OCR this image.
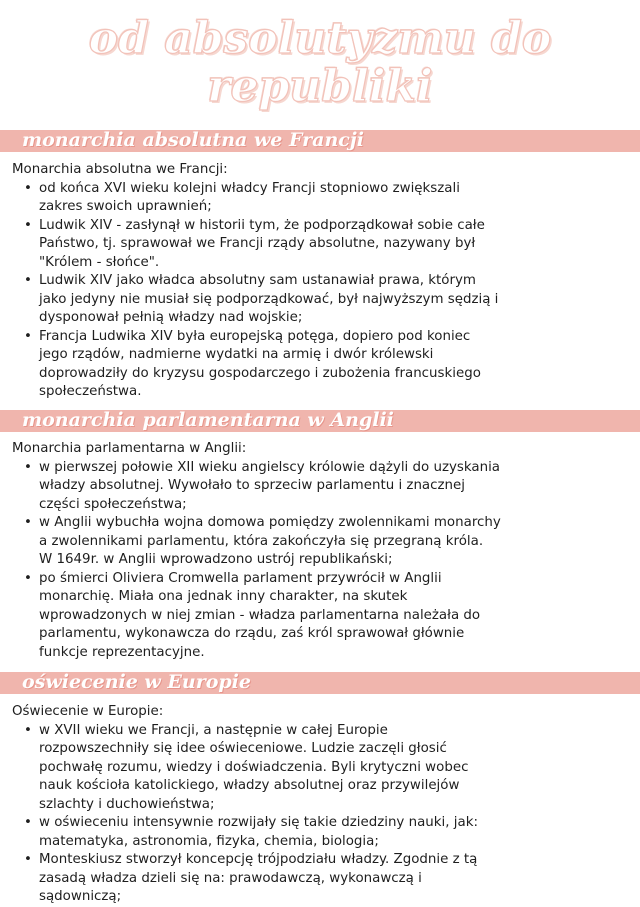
od absolutyzmu do
republiki
monarchia absolutna we Francji

Monarchia absolutna we Francji:

• od końca XVI wieku kolejni władcy Francji stopniowo zwiększali
zakres swoich uprawnień;
• Ludwik XIV - zasłynął w historii tym, że podporządkował sobie całe
Państwo, tj. sprawował we Francji rządy absolutne, nazywany był
"Królem - słońce".
• Ludwik XIV jako władca absolutny sam ustanawiał prawa, którym
jako jedyny nie musiał się podporządkować, był najwyższym sędzią i
dysponował pełnią władzy nad wojskie;
• Francja Ludwika XIV była europejską potęga, dopiero pod koniec
jego rządów, nadmierne wydatki na armię i dwór królewski
doprowadziły do kryzysu gospodarczego i zubożenia francuskiego
społeczeństwa.
monarchia parlamentarna w Anglii

Monarchia parlamentarna w Anglii:

• w pierwszej połowie XII wieku angielscy królowie dążyli do uzyskania
władzy absolutnej. Wywołało to sprzeciw parlamentu i znacznej
części społeczeństwa;
• w Anglii wybuchła wojna domowa pomiędzy zwolennikami monarchy
a zwolennikami parlamentu, która zakończyła się przegraną króla.
W 1649r. w Anglii wprowadzono ustrój republikański;
• po śmierci Oliviera Cromwella parlament przywrócił w Anglii
monarchię. Miała ona jednak inny charakter, na skutek
wprowadzonych w niej zmian - władza parlamentarna należała do
parlamentu, wykonawcza do rządu, zaś król sprawował głównie
funkcje reprezentacyjne.
oświecenie w Europie

Oświecenie w Europie:

• w XVII wieku we Francji, a następnie w całej Europie
rozpowszechniły się idee oświeceniowe. Ludzie zaczęli głosić
pochwałę rozumu, wiedzy i doświadczenia. Byli krytyczni wobec
nauk kościoła katolickiego, władzy absolutnej oraz przywilejów
szlachty i duchowieństwa;
• w oświeceniu intensywnie rozwijały się takie dziedziny nauki, jak:
matematyka, astronomia, fizyka, chemia, biologia;
• Monteskiusz stworzył koncepcję trójpodziału władzy. Zgodnie z tą
zasadą władza dzieli się na: prawodawczą, wykonawczą i
sądowniczą;
